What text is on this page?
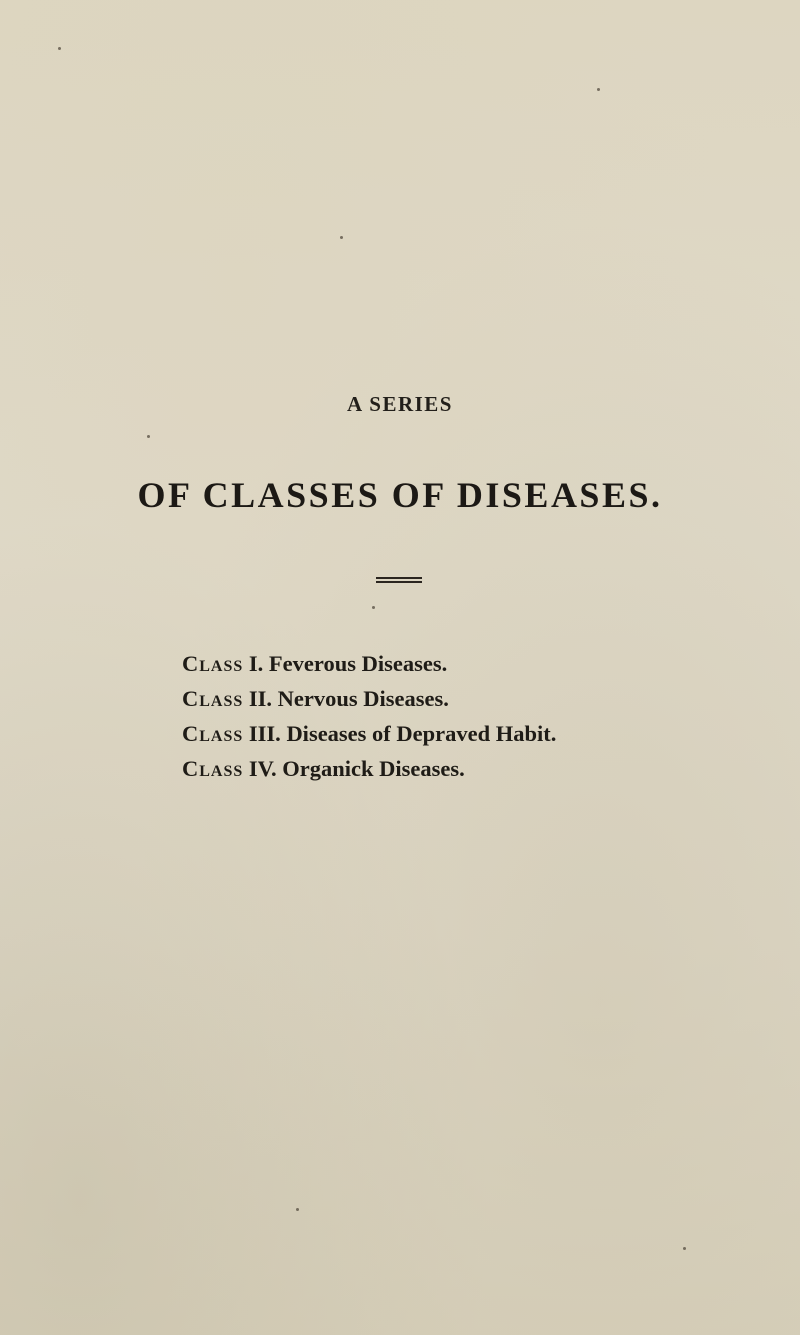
A SERIES
OF CLASSES OF DISEASES.
Class I. Feverous Diseases.
Class II. Nervous Diseases.
Class III. Diseases of Depraved Habit.
Class IV. Organick Diseases.
